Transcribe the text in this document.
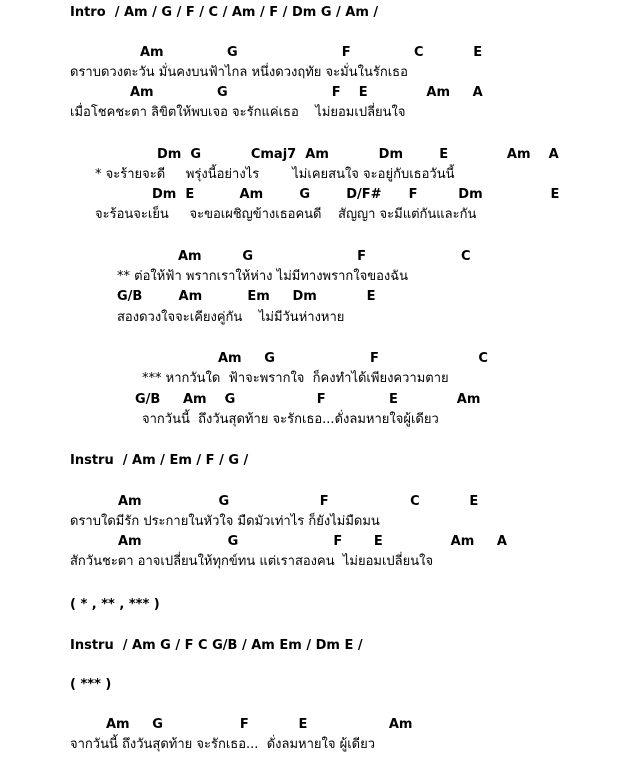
Intro  / Am / G / F / C / Am / F / Dm G / Am /
Am              G                       F              C           E
ดราบดวงตะวัน มั่นคงบนฟ้าไกล หนึ่งดวงฤทัย จะมั่นในรักเธอ
Am              G                       F    E             Am     A
เมื่อโชคชะตา ลิขิตให้พบเจอ จะรักแค่เธอ    ไม่ยอมเปลี่ยนใจ
Dm  G           Cmaj7  Am           Dm        E             Am    A
* จะร้ายจะดี     พรุ่งนี้อย่างไร        ไม่เคยสนใจ จะอยู่กับเธอวันนี้
Dm  E          Am        G        D/F#      F         Dm               E
จะร้อนจะเย็น     จะขอเผชิญข้างเธอคนดี    สัญญา จะมีแต่กันและกัน
Am         G                       F                     C
** ต่อให้ฟ้า พรากเราให้ห่าง ไม่มีทางพรากใจของฉัน
G/B        Am          Em     Dm           E
สองดวงใจจะเคียงคู่กัน    ไม่มีวันห่างหาย
Am     G                     F                      C
*** หากวันใด  ฟ้าจะพรากใจ  ก็คงทำได้เพียงความตาย
G/B     Am    G                  F              E             Am
จากวันนี้  ถึงวันสุดท้าย จะรักเธอ...ดั่งลมหายใจผู้เดียว
Instru  / Am / Em / F / G /
Am                 G                    F                  C           E
ดราบใดมีรัก ประกายในหัวใจ มืดมัวเท่าไร ก็ยังไม่มืดมน
Am                   G                     F       E               Am     A
สักวันชะตา อาจเปลี่ยนให้ทุกข์ทน แต่เราสองคน  ไม่ยอมเปลี่ยนใจ
( * , ** , *** )
Instru  / Am G / F C G/B / Am Em / Dm E /
( *** )
Am     G                 F           E                  Am
จากวันนี้ ถึงวันสุดท้าย จะรักเธอ...  ดั่งลมหายใจ ผู้เดียว
